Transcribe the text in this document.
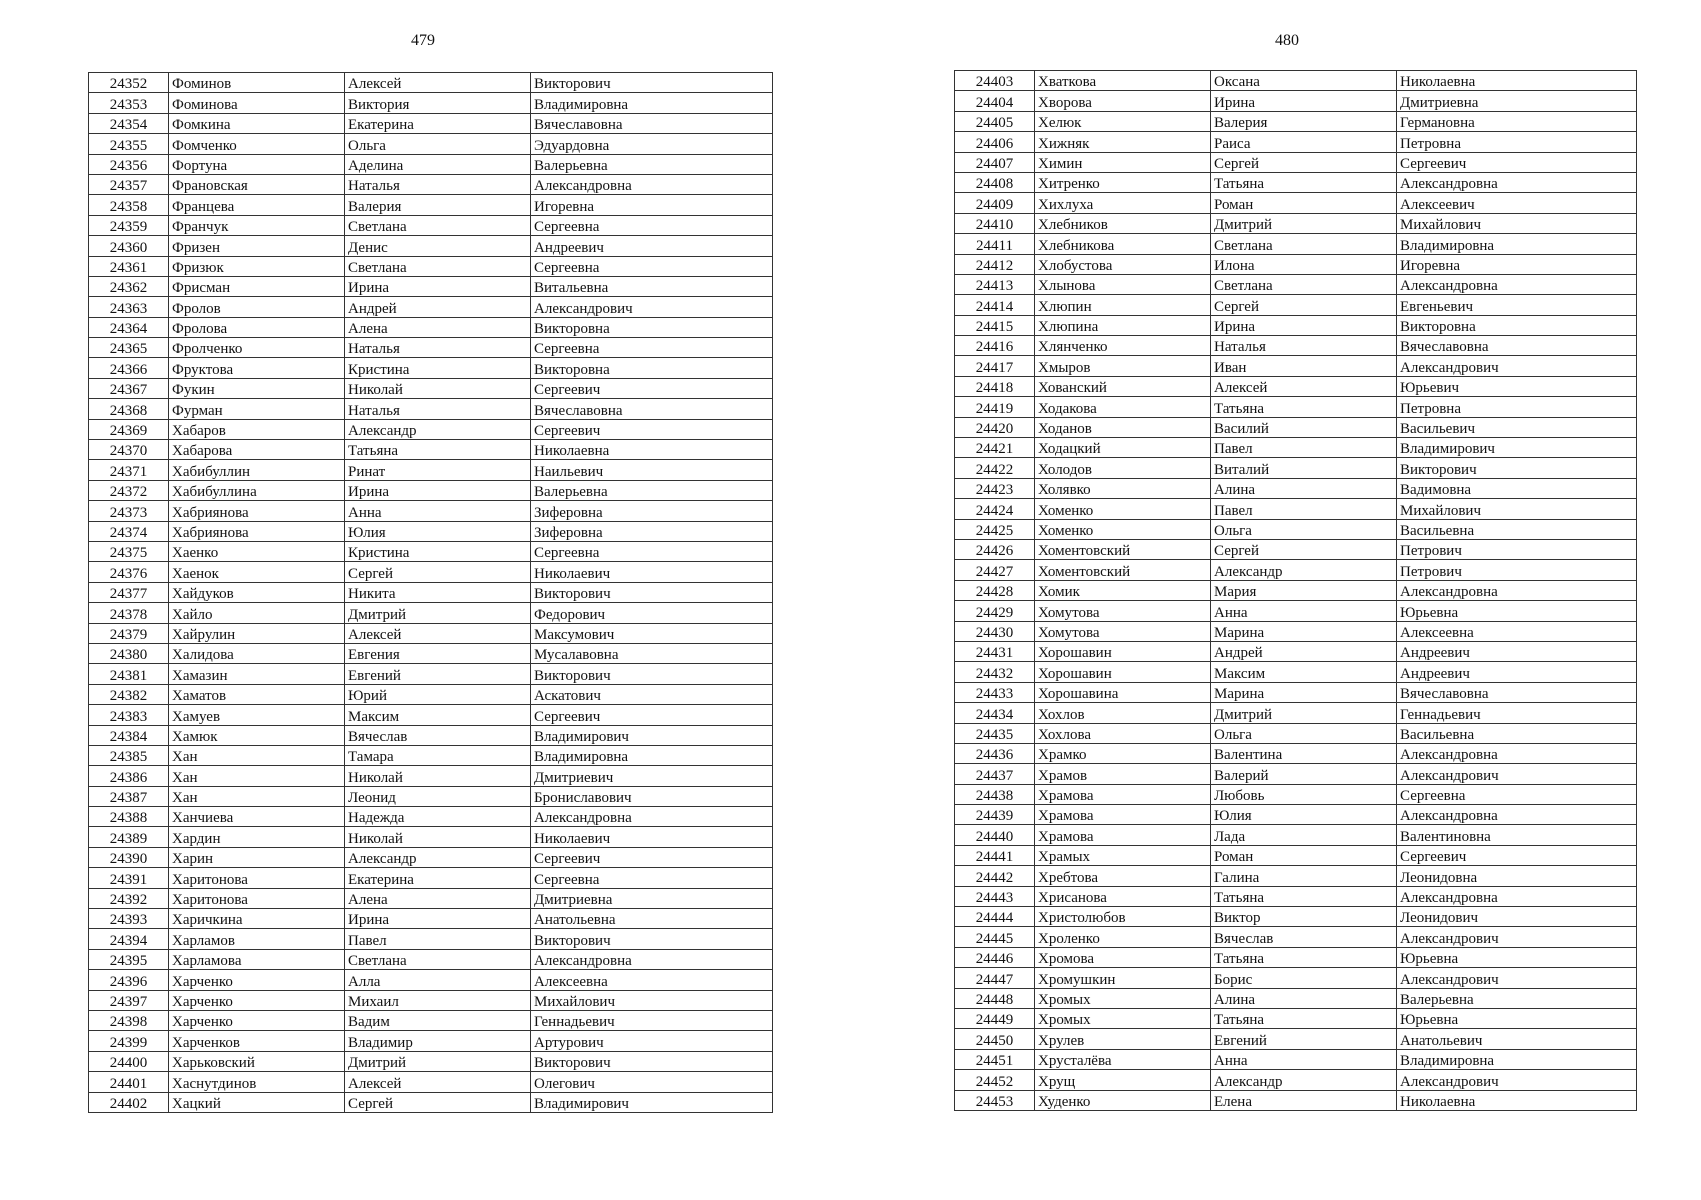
479	480
24352	Фоминов	Алексей	Викторович
24353	Фоминова	Виктория	Владимировна
24354	Фомкина	Екатерина	Вячеславовна
24355	Фомченко	Ольга	Эдуардовна
24356	Фортуна	Аделина	Валерьевна
24357	Франовская	Наталья	Александровна
24358	Францева	Валерия	Игоревна
24359	Франчук	Светлана	Сергеевна
24360	Фризен	Денис	Андреевич
24361	Фризюк	Светлана	Сергеевна
24362	Фрисман	Ирина	Витальевна
24363	Фролов	Андрей	Александрович
24364	Фролова	Алена	Викторовна
24365	Фролченко	Наталья	Сергеевна
24366	Фруктова	Кристина	Викторовна
24367	Фукин	Николай	Сергеевич
24368	Фурман	Наталья	Вячеславовна
24369	Хабаров	Александр	Сергеевич
24370	Хабарова	Татьяна	Николаевна
24371	Хабибуллин	Ринат	Наильевич
24372	Хабибуллина	Ирина	Валерьевна
24373	Хабриянова	Анна	Зиферовна
24374	Хабриянова	Юлия	Зиферовна
24375	Хаенко	Кристина	Сергеевна
24376	Хаенок	Сергей	Николаевич
24377	Хайдуков	Никита	Викторович
24378	Хайло	Дмитрий	Федорович
24379	Хайрулин	Алексей	Максумович
24380	Халидова	Евгения	Мусалавовна
24381	Хамазин	Евгений	Викторович
24382	Хаматов	Юрий	Аскатович
24383	Хамуев	Максим	Сергеевич
24384	Хамюк	Вячеслав	Владимирович
24385	Хан	Тамара	Владимировна
24386	Хан	Николай	Дмитриевич
24387	Хан	Леонид	Брониславович
24388	Ханчиева	Надежда	Александровна
24389	Хардин	Николай	Николаевич
24390	Харин	Александр	Сергеевич
24391	Харитонова	Екатерина	Сергеевна
24392	Харитонова	Алена	Дмитриевна
24393	Харичкина	Ирина	Анатольевна
24394	Харламов	Павел	Викторович
24395	Харламова	Светлана	Александровна
24396	Харченко	Алла	Алексеевна
24397	Харченко	Михаил	Михайлович
24398	Харченко	Вадим	Геннадьевич
24399	Харченков	Владимир	Артурович
24400	Харьковский	Дмитрий	Викторович
24401	Хаснутдинов	Алексей	Олегович
24402	Хацкий	Сергей	Владимирович
24403	Хваткова	Оксана	Николаевна
24404	Хворова	Ирина	Дмитриевна
24405	Хелюк	Валерия	Германовна
24406	Хижняк	Раиса	Петровна
24407	Химин	Сергей	Сергеевич
24408	Хитренко	Татьяна	Александровна
24409	Хихлуха	Роман	Алексеевич
24410	Хлебников	Дмитрий	Михайлович
24411	Хлебникова	Светлана	Владимировна
24412	Хлобустова	Илона	Игоревна
24413	Хлынова	Светлана	Александровна
24414	Хлюпин	Сергей	Евгеньевич
24415	Хлюпина	Ирина	Викторовна
24416	Хлянченко	Наталья	Вячеславовна
24417	Хмыров	Иван	Александрович
24418	Хованский	Алексей	Юрьевич
24419	Ходакова	Татьяна	Петровна
24420	Ходанов	Василий	Васильевич
24421	Ходацкий	Павел	Владимирович
24422	Холодов	Виталий	Викторович
24423	Холявко	Алина	Вадимовна
24424	Хоменко	Павел	Михайлович
24425	Хоменко	Ольга	Васильевна
24426	Хоментовский	Сергей	Петрович
24427	Хоментовский	Александр	Петрович
24428	Хомик	Мария	Александровна
24429	Хомутова	Анна	Юрьевна
24430	Хомутова	Марина	Алексеевна
24431	Хорошавин	Андрей	Андреевич
24432	Хорошавин	Максим	Андреевич
24433	Хорошавина	Марина	Вячеславовна
24434	Хохлов	Дмитрий	Геннадьевич
24435	Хохлова	Ольга	Васильевна
24436	Храмко	Валентина	Александровна
24437	Храмов	Валерий	Александрович
24438	Храмова	Любовь	Сергеевна
24439	Храмова	Юлия	Александровна
24440	Храмова	Лада	Валентиновна
24441	Храмых	Роман	Сергеевич
24442	Хребтова	Галина	Леонидовна
24443	Хрисанова	Татьяна	Александровна
24444	Христолюбов	Виктор	Леонидович
24445	Хроленко	Вячеслав	Александрович
24446	Хромова	Татьяна	Юрьевна
24447	Хромушкин	Борис	Александрович
24448	Хромых	Алина	Валерьевна
24449	Хромых	Татьяна	Юрьевна
24450	Хрулев	Евгений	Анатольевич
24451	Хрусталёва	Анна	Владимировна
24452	Хрущ	Александр	Александрович
24453	Худенко	Елена	Николаевна
